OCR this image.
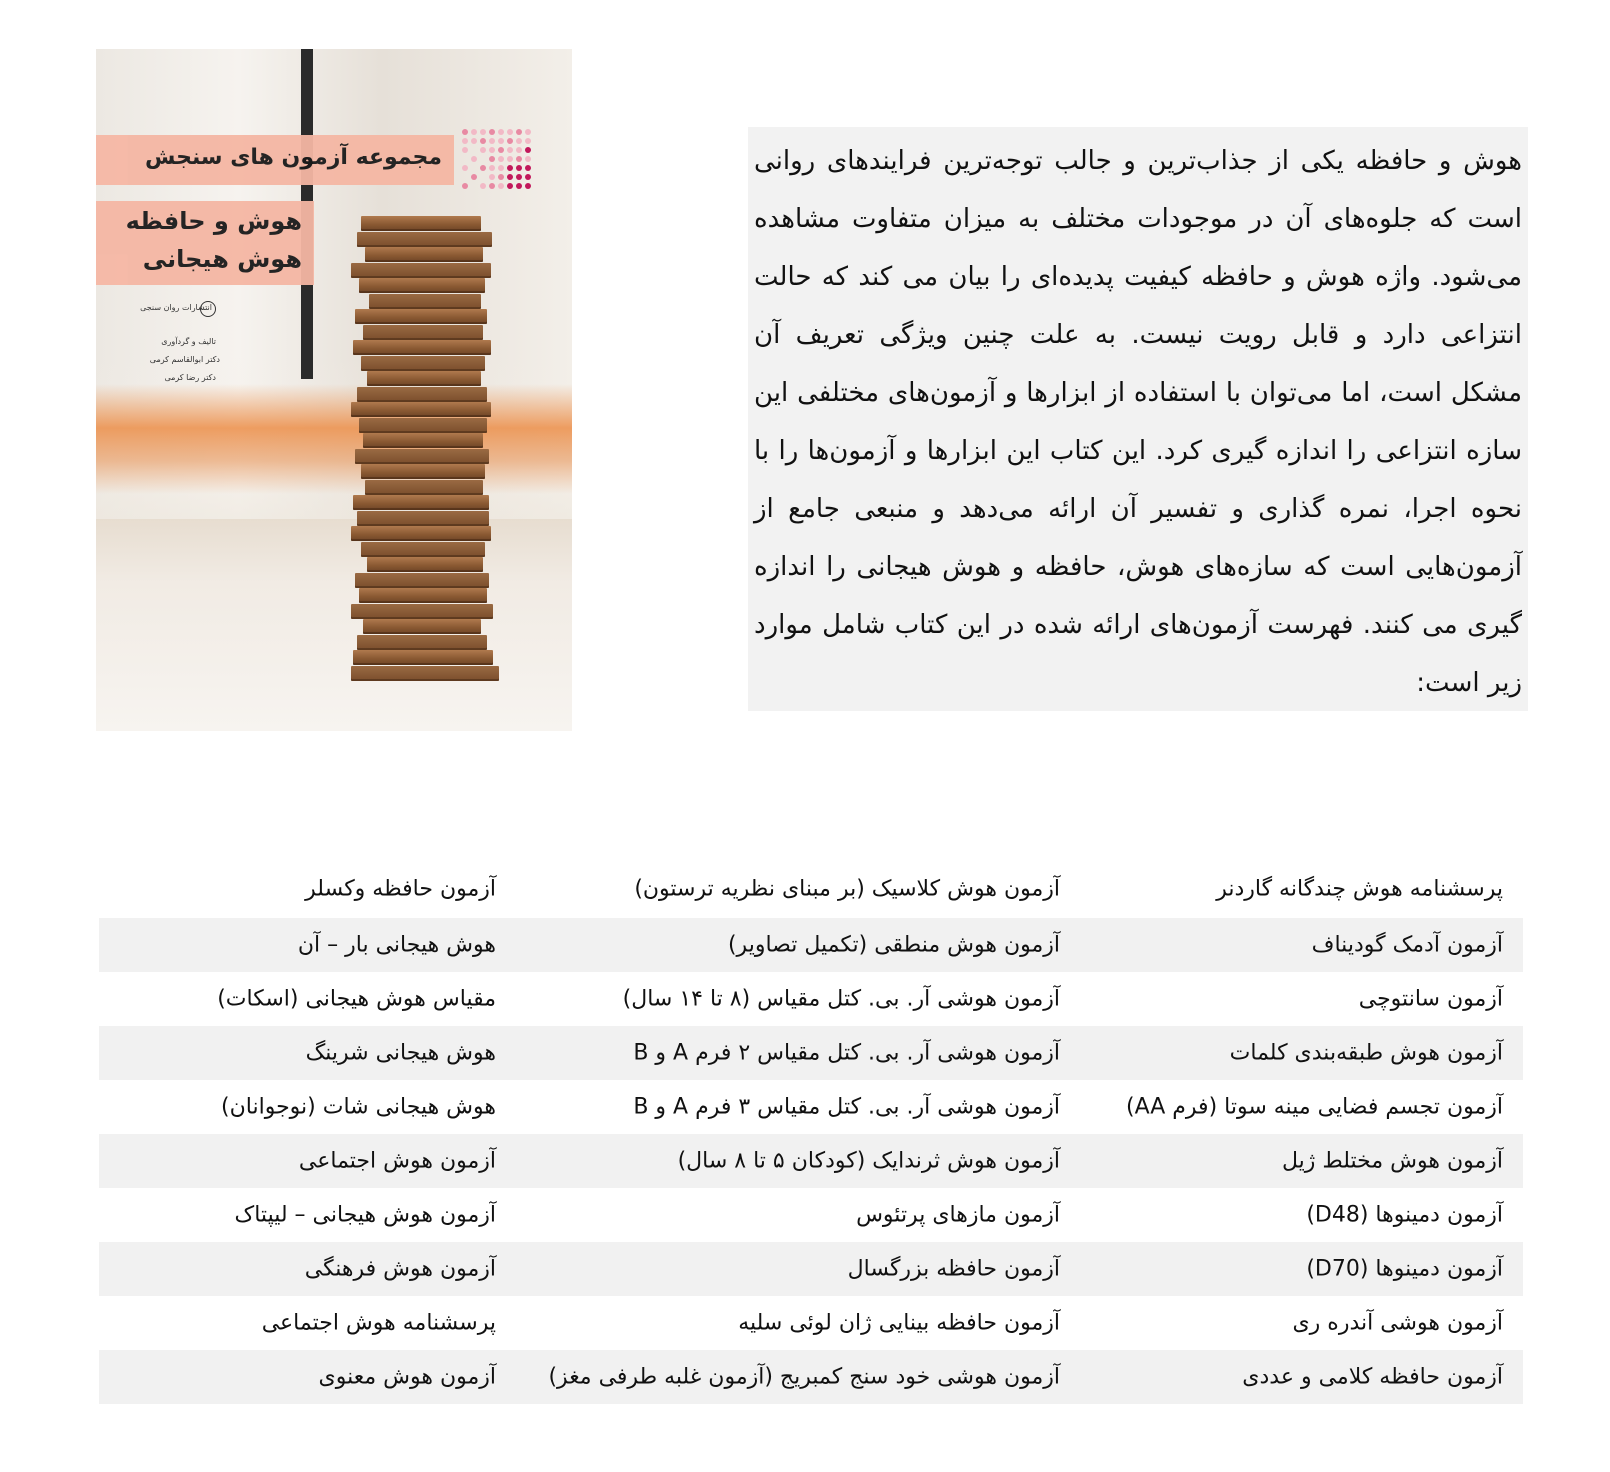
مجموعه آزمون های سنجش
هوش و حافظه
هوش هیجانی
انتشارات روان سنجی
تالیف و گردآوری
دکتر ابوالقاسم کرمی
دکتر رضا کرمی

هوش و حافظه یکی از جذاب‌ترین و جالب توجه‌ترین فرایندهای روانی است که جلوه‌های آن در موجودات مختلف به میزان متفاوت مشاهده می‌شود. واژه هوش و حافظه کیفیت پدیده‌ای را بیان می کند که حالت انتزاعی دارد و قابل رویت نیست. به علت چنین ویژگی تعریف آن مشکل است، اما می‌توان با استفاده از ابزارها و آزمون‌های مختلفی این سازه انتزاعی را اندازه گیری کرد. این کتاب این ابزارها و آزمون‌ها را با نحوه اجرا، نمره گذاری و تفسیر آن ارائه می‌دهد و منبعی جامع از آزمون‌هایی است که سازه‌های هوش، حافظه و هوش هیجانی را اندازه گیری می کنند. فهرست آزمون‌های ارائه شده در این کتاب شامل موارد زیر است:

پرسشنامه هوش چندگانه گاردنر
آزمون هوش کلاسیک (بر مبنای نظریه ترستون)
آزمون حافظه وکسلر
آزمون آدمک گودیناف
آزمون هوش منطقی (تکمیل تصاویر)
هوش هیجانی بار – آن
آزمون سانتوچی
آزمون هوشی آر. بی. کتل مقیاس (۸ تا ۱۴ سال)
مقیاس هوش هیجانی (اسکات)
آزمون هوش طبقه‌بندی کلمات
آزمون هوشی آر. بی. کتل مقیاس ۲ فرم A و B
هوش هیجانی شرینگ
آزمون تجسم فضایی مینه سوتا (فرم AA)
آزمون هوشی آر. بی. کتل مقیاس ۳ فرم A و B
هوش هیجانی شات (نوجوانان)
آزمون هوش مختلط ژیل
آزمون هوش ثرندایک (کودکان ۵ تا ۸ سال)
آزمون هوش اجتماعی
آزمون دمینوها (D48)
آزمون مازهای پرتئوس
آزمون هوش هیجانی – لیپتاک
آزمون دمینوها (D70)
آزمون حافظه بزرگسال
آزمون هوش فرهنگی
آزمون هوشی آندره ری
آزمون حافظه بینایی ژان لوئی سلیه
پرسشنامه هوش اجتماعی
آزمون حافظه کلامی و عددی
آزمون هوشی خود سنج کمبریج (آزمون غلبه طرفی مغز)
آزمون هوش معنوی
